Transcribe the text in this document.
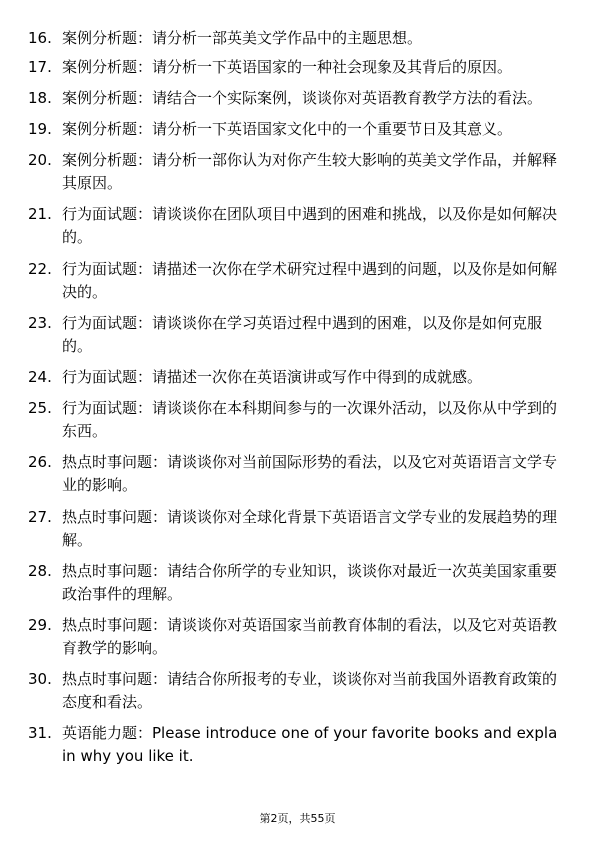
16. 案例分析题：请分析一部英美文学作品中的主题思想。
17. 案例分析题：请分析一下英语国家的一种社会现象及其背后的原因。
18. 案例分析题：请结合一个实际案例，谈谈你对英语教育教学方法的看法。
19. 案例分析题：请分析一下英语国家文化中的一个重要节日及其意义。
20. 案例分析题：请分析一部你认为对你产生较大影响的英美文学作品，并解释其原因。
21. 行为面试题：请谈谈你在团队项目中遇到的困难和挑战，以及你是如何解决的。
22. 行为面试题：请描述一次你在学术研究过程中遇到的问题，以及你是如何解决的。
23. 行为面试题：请谈谈你在学习英语过程中遇到的困难，以及你是如何克服的。
24. 行为面试题：请描述一次你在英语演讲或写作中得到的成就感。
25. 行为面试题：请谈谈你在本科期间参与的一次课外活动，以及你从中学到的东西。
26. 热点时事问题：请谈谈你对当前国际形势的看法，以及它对英语语言文学专业的影响。
27. 热点时事问题：请谈谈你对全球化背景下英语语言文学专业的发展趋势的理解。
28. 热点时事问题：请结合你所学的专业知识，谈谈你对最近一次英美国家重要政治事件的理解。
29. 热点时事问题：请谈谈你对英语国家当前教育体制的看法，以及它对英语教育教学的影响。
30. 热点时事问题：请结合你所报考的专业，谈谈你对当前我国外语教育政策的态度和看法。
31. 英语能力题：Please introduce one of your favorite books and explain why you like it.
第2页，共55页
